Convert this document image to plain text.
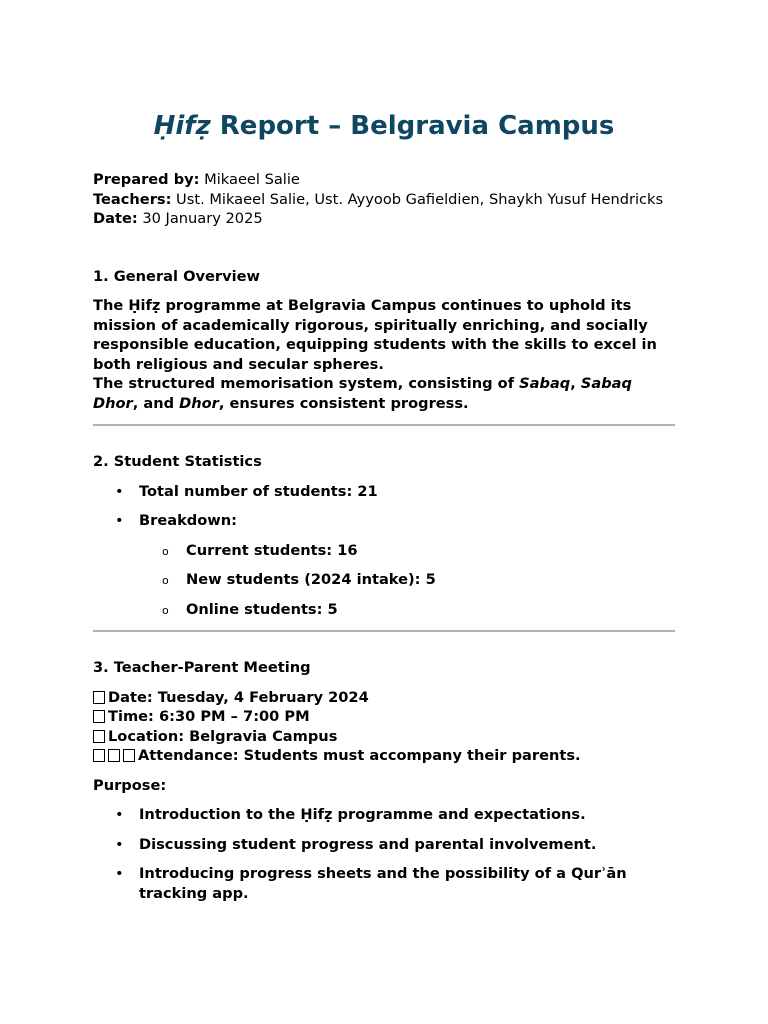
Ḥifẓ Report – Belgravia Campus

Prepared by: Mikaeel Salie

Teachers: Ust. Mikaeel Salie, Ust. Ayyoob Gafieldien, Shaykh Yusuf Hendricks

Date: 30 January 2025

1. General Overview

The Ḥifẓ programme at Belgravia Campus continues to uphold its mission of academically rigorous, spiritually enriching, and socially responsible education, equipping students with the skills to excel in both religious and secular spheres.

The structured memorisation system, consisting of Sabaq, Sabaq Dhor, and Dhor, ensures consistent progress.

2. Student Statistics
• Total number of students: 21
• Breakdown:
o Current students: 16
o New students (2024 intake): 5
o Online students: 5
3. Teacher-Parent Meeting

Date: Tuesday, 4 February 2024

Time: 6:30 PM – 7:00 PM

Location: Belgravia Campus

Attendance: Students must accompany their parents.

Purpose:

• Introduction to the Ḥifẓ programme and expectations.
• Discussing student progress and parental involvement.
• Introducing progress sheets and the possibility of a Qurʾān tracking app.
